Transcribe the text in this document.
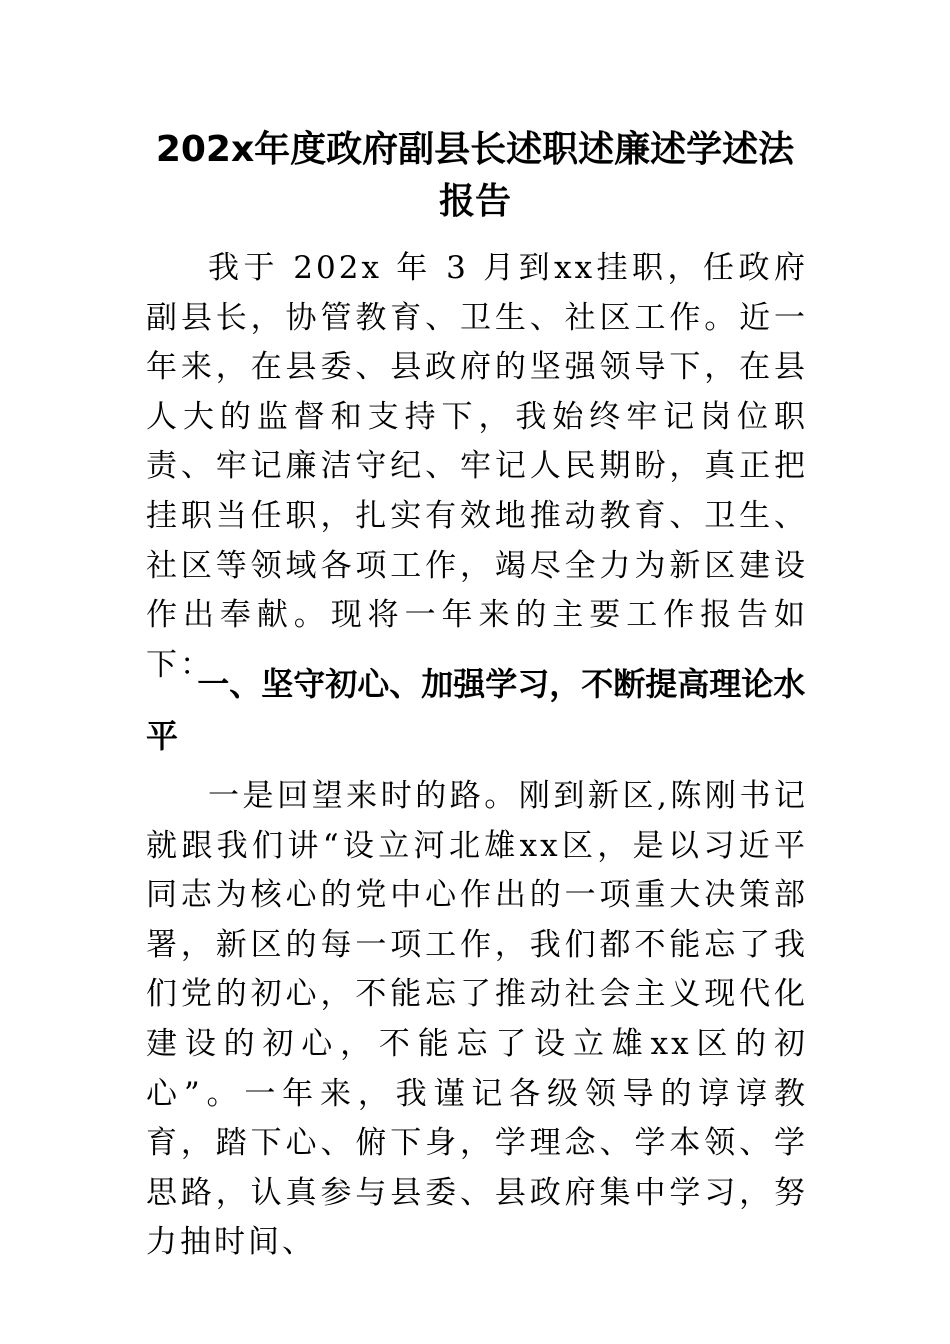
202x年度政府副县长述职述廉述学述法报告

我于 202x 年 3 月到xx挂职，任政府副县长，协管教育、卫生、社区工作。近一年来，在县委、县政府的坚强领导下，在县人大的监督和支持下，我始终牢记岗位职责、牢记廉洁守纪、牢记人民期盼，真正把挂职当任职，扎实有效地推动教育、卫生、社区等领域各项工作，竭尽全力为新区建设作出奉献。现将一年来的主要工作报告如下：

一、坚守初心、加强学习，不断提高理论水平

一是回望来时的路。刚到新区,陈刚书记就跟我们讲“设立河北雄xx区，是以习近平同志为核心的党中心作出的一项重大决策部署，新区的每一项工作，我们都不能忘了我们党的初心，不能忘了推动社会主义现代化建设的初心，不能忘了设立雄xx区的初心”。一年来，我谨记各级领导的谆谆教育，踏下心、俯下身，学理念、学本领、学思路，认真参与县委、县政府集中学习，努力抽时间、
